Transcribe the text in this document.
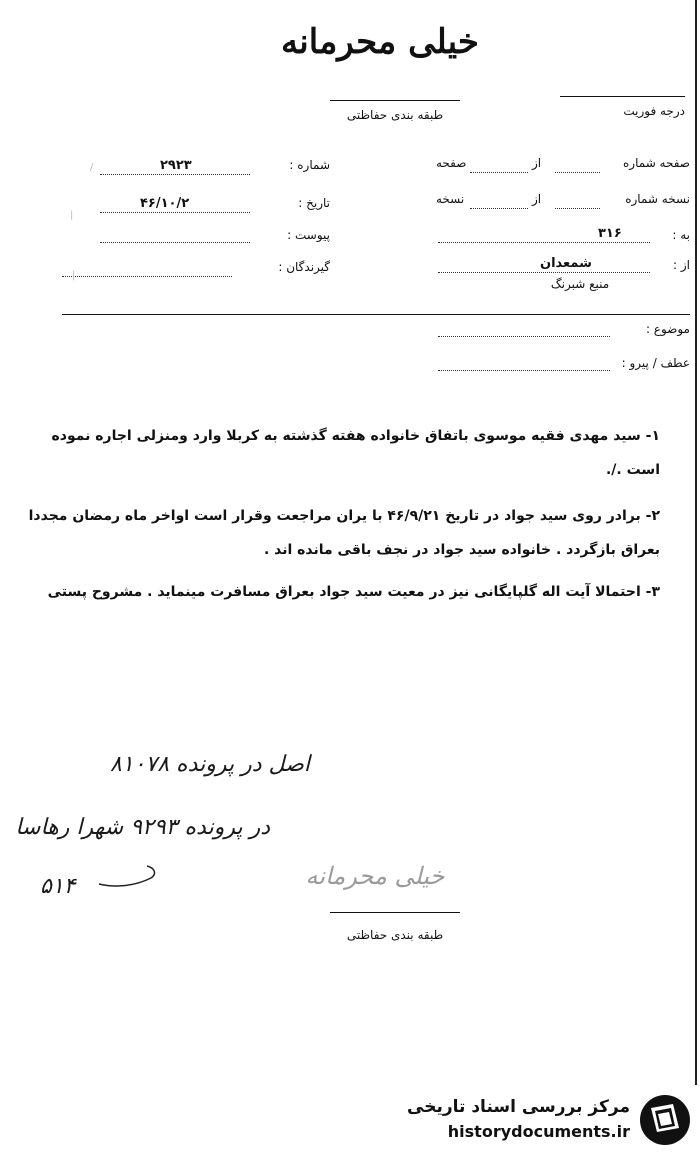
خیلی محرمانه
طبقه بندی حفاظتی	درجه فوریت
شماره :
۲۹۲۳
تاریخ :
۴۶/۱۰/۲
پیوست :
گیرندگان :
صفحه شماره
از
صفحه
نسخه شماره
از
نسخه
به :
۳۱۶
از :
شمعدان
منبع شبرنگ
موضوع :
عطف / پیرو :
۱- سید مهدی فقیه موسوی باتفاق خانواده هفته گذشته به کربلا وارد ومنزلی اجاره نموده
است ./.
۲- برادر روی سید جواد در تاریخ ۴۶/۹/۲۱ با یران مراجعت وقرار است اواخر ماه رمضان مجددا
بعراق بازگردد . خانواده سید جواد در نجف باقی مانده اند .
۳- احتمالا آیت اله گلپایگانی نیز در معیت سید جواد بعراق مسافرت مینماید . مشروح پستی
اصل در پرونده ۸۱۰۷۸
در پرونده ۹۲۹۳ شهرا رهاسا
۵۱۴	خیلی محرمانه
طبقه بندی حفاظتی
|
|
/
مرکز بررسی اسناد تاریخی
historydocuments.ir
